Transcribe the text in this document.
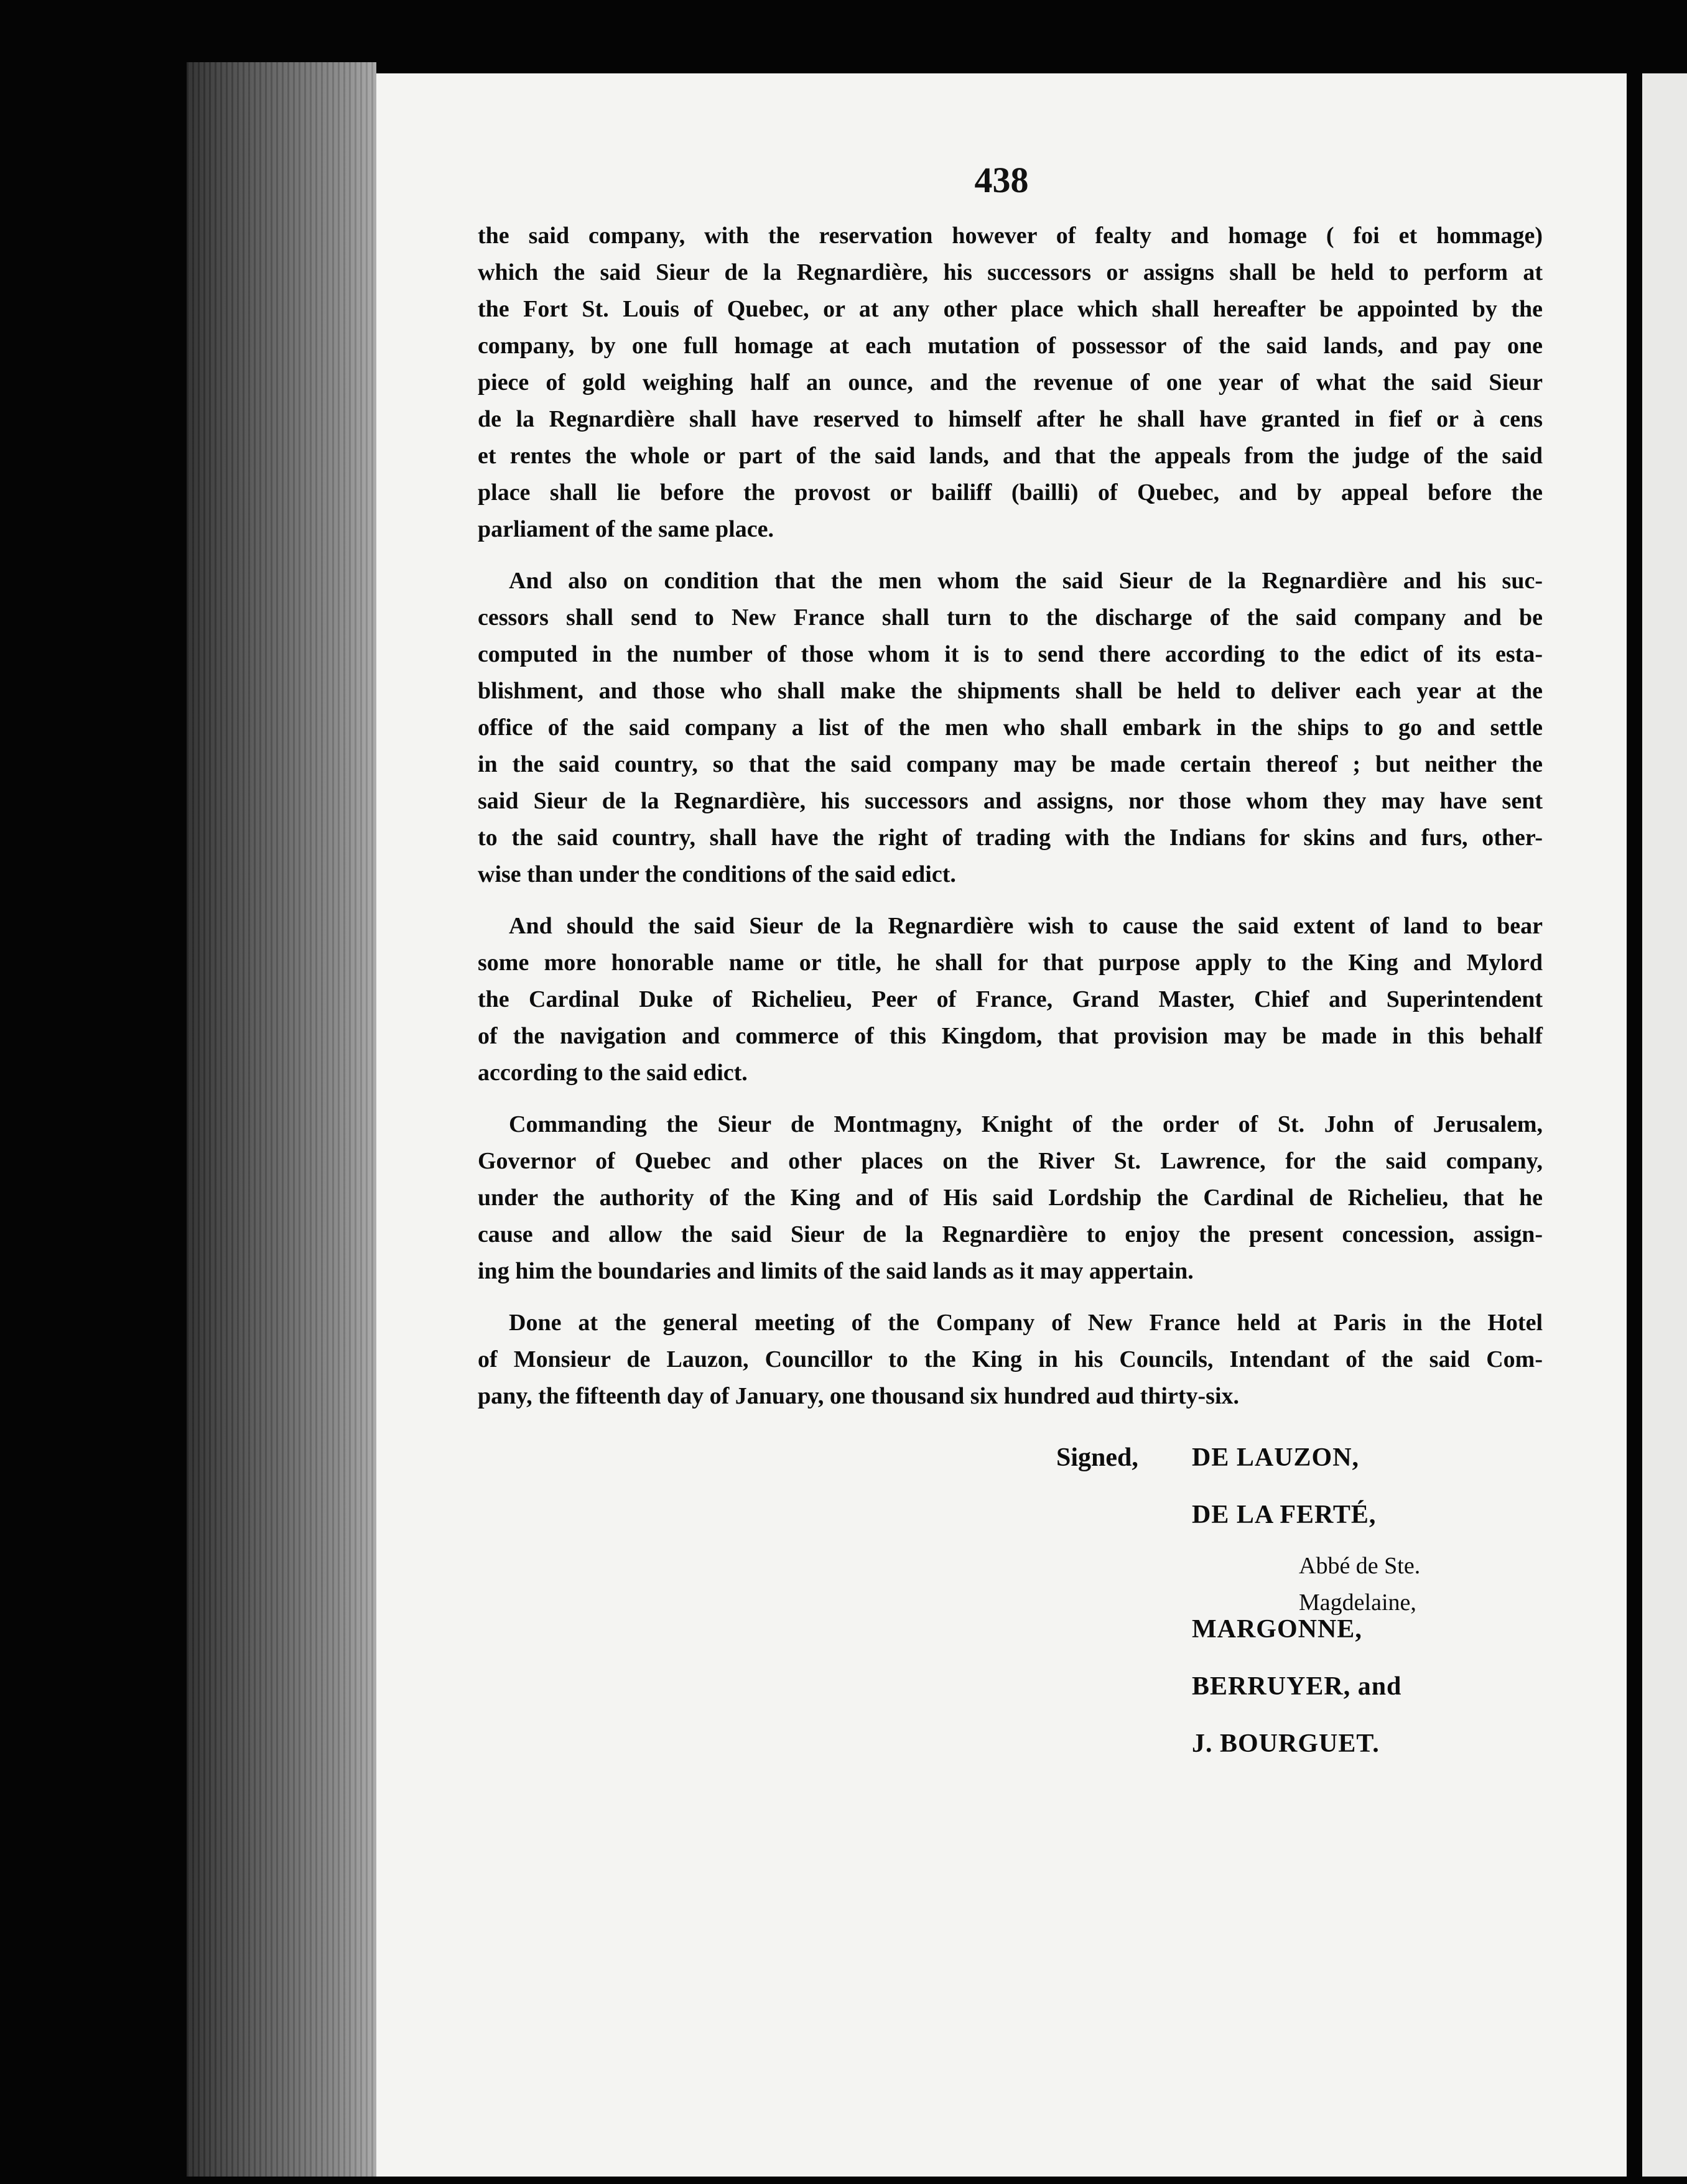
438
the said company, with the reservation however of fealty and homage ( foi et hommage)
which the said Sieur de la Regnardière, his successors or assigns shall be held to perform at
the Fort St. Louis of Quebec, or at any other place which shall hereafter be appointed by the
company, by one full homage at each mutation of possessor of the said lands, and pay one
piece of gold weighing half an ounce, and the revenue of one year of what the said Sieur
de la Regnardière shall have reserved to himself after he shall have granted in fief or à cens
et rentes the whole or part of the said lands, and that the appeals from the judge of the said
place shall lie before the provost or bailiff (bailli) of Quebec, and by appeal before the
parliament of the same place.
And also on condition that the men whom the said Sieur de la Regnardière and his suc-
cessors shall send to New France shall turn to the discharge of the said company and be
computed in the number of those whom it is to send there according to the edict of its esta-
blishment, and those who shall make the shipments shall be held to deliver each year at the
office of the said company a list of the men who shall embark in the ships to go and settle
in the said country, so that the said company may be made certain thereof ; but neither the
said Sieur de la Regnardière, his successors and assigns, nor those whom they may have sent
to the said country, shall have the right of trading with the Indians for skins and furs, other-
wise than under the conditions of the said edict.
And should the said Sieur de la Regnardière wish to cause the said extent of land to bear
some more honorable name or title, he shall for that purpose apply to the King and Mylord
the Cardinal Duke of Richelieu, Peer of France, Grand Master, Chief and Superintendent
of the navigation and commerce of this Kingdom, that provision may be made in this behalf
according to the said edict.
Commanding the Sieur de Montmagny, Knight of the order of St. John of Jerusalem,
Governor of Quebec and other places on the River St. Lawrence, for the said company,
under the authority of the King and of His said Lordship the Cardinal de Richelieu, that he
cause and allow the said Sieur de la Regnardière to enjoy the present concession, assign-
ing him the boundaries and limits of the said lands as it may appertain.
Done at the general meeting of the Company of New France held at Paris in the Hotel
of Monsieur de Lauzon, Councillor to the King in his Councils, Intendant of the said Com-
pany, the fifteenth day of January, one thousand six hundred aud thirty-six.
Signed, DE LAUZON,
DE LA FERTÉ,
Abbé de Ste. Magdelaine,
MARGONNE,
BERRUYER, and
J. BOURGUET.
